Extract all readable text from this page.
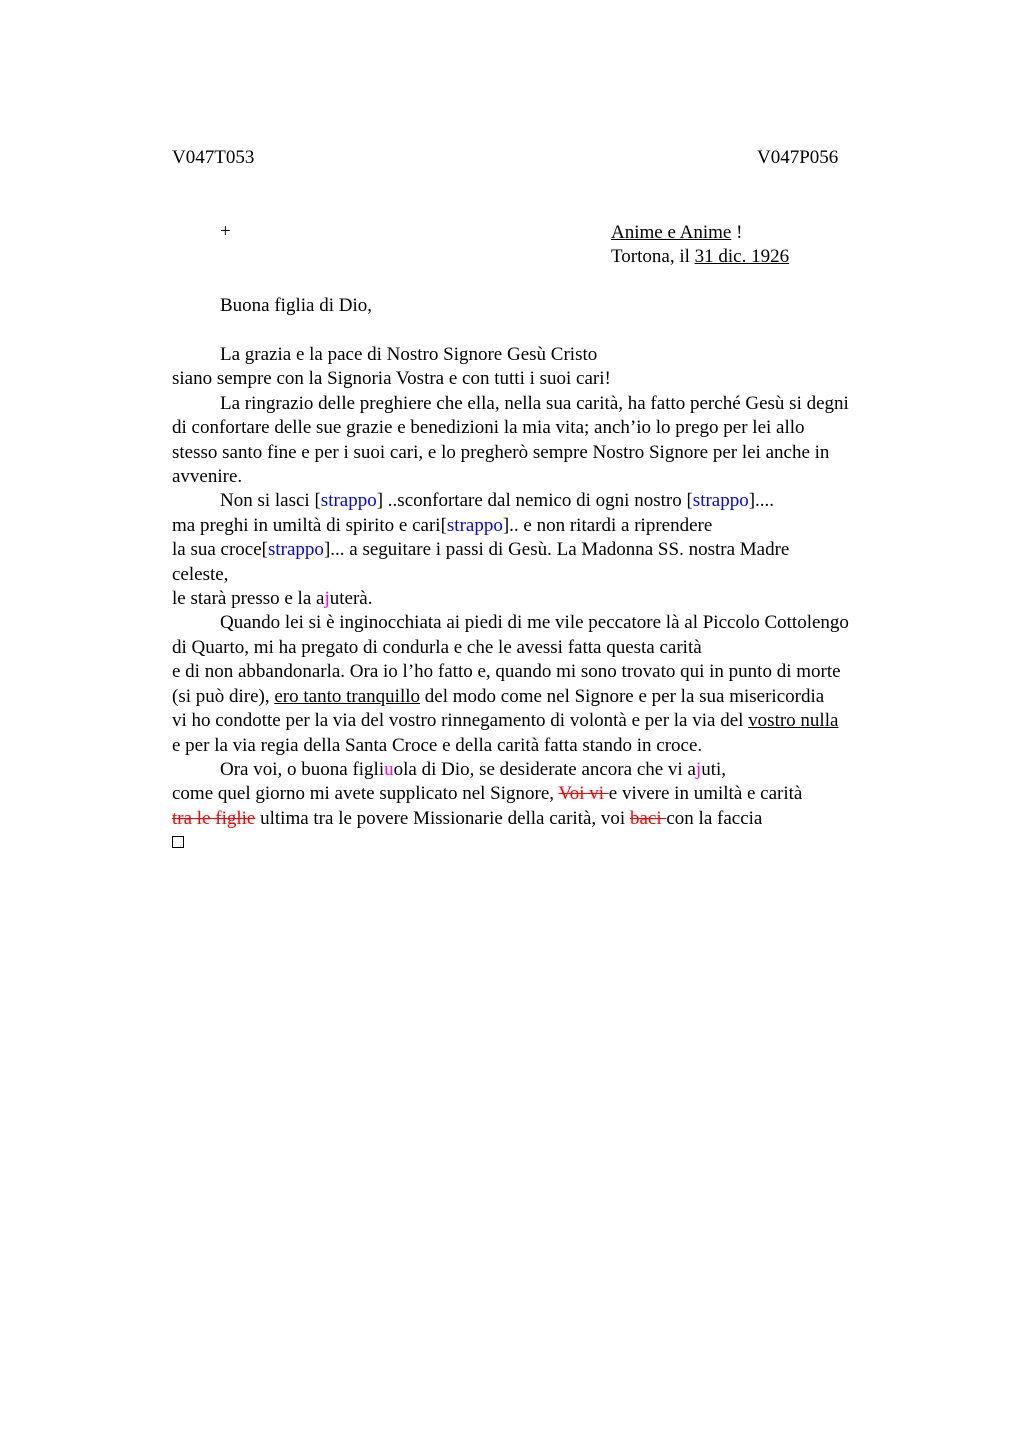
V047T053	V047P056
+	Anime e Anime !
Tortona, il 31 dic. 1926
Buona figlia di Dio,
La grazia e la pace di Nostro Signore Gesù Cristo
siano sempre con la Signoria Vostra e con tutti i suoi cari!
La ringrazio delle preghiere che ella, nella sua carità, ha fatto perché Gesù si degni
di confortare delle sue grazie e benedizioni la mia vita; anch’io lo prego per lei allo
stesso santo fine e per i suoi cari, e lo pregherò sempre Nostro Signore per lei anche in
avvenire.
Non si lasci [strappo] ..sconfortare dal nemico di ogni nostro [strappo]....
ma preghi in umiltà di spirito e cari[strappo].. e non ritardi a riprendere
la sua croce[strappo]... a seguitare i passi di Gesù. La Madonna SS. nostra Madre
celeste,
le starà presso e la ajuterà.
Quando lei si è inginocchiata ai piedi di me vile peccatore là al Piccolo Cottolengo
di Quarto, mi ha pregato di condurla e che le avessi fatta questa carità
e di non abbandonarla. Ora io l’ho fatto e, quando mi sono trovato qui in punto di morte
(si può dire), ero tanto tranquillo del modo come nel Signore e per la sua misericordia
vi ho condotte per la via del vostro rinnegamento di volontà e per la via del vostro nulla
e per la via regia della Santa Croce e della carità fatta stando in croce.
Ora voi, o buona figliuola di Dio, se desiderate ancora che vi ajuti,
come quel giorno mi avete supplicato nel Signore, Voi vi e vivere in umiltà e carità
tra le figlie ultima tra le povere Missionarie della carità, voi baci con la faccia
